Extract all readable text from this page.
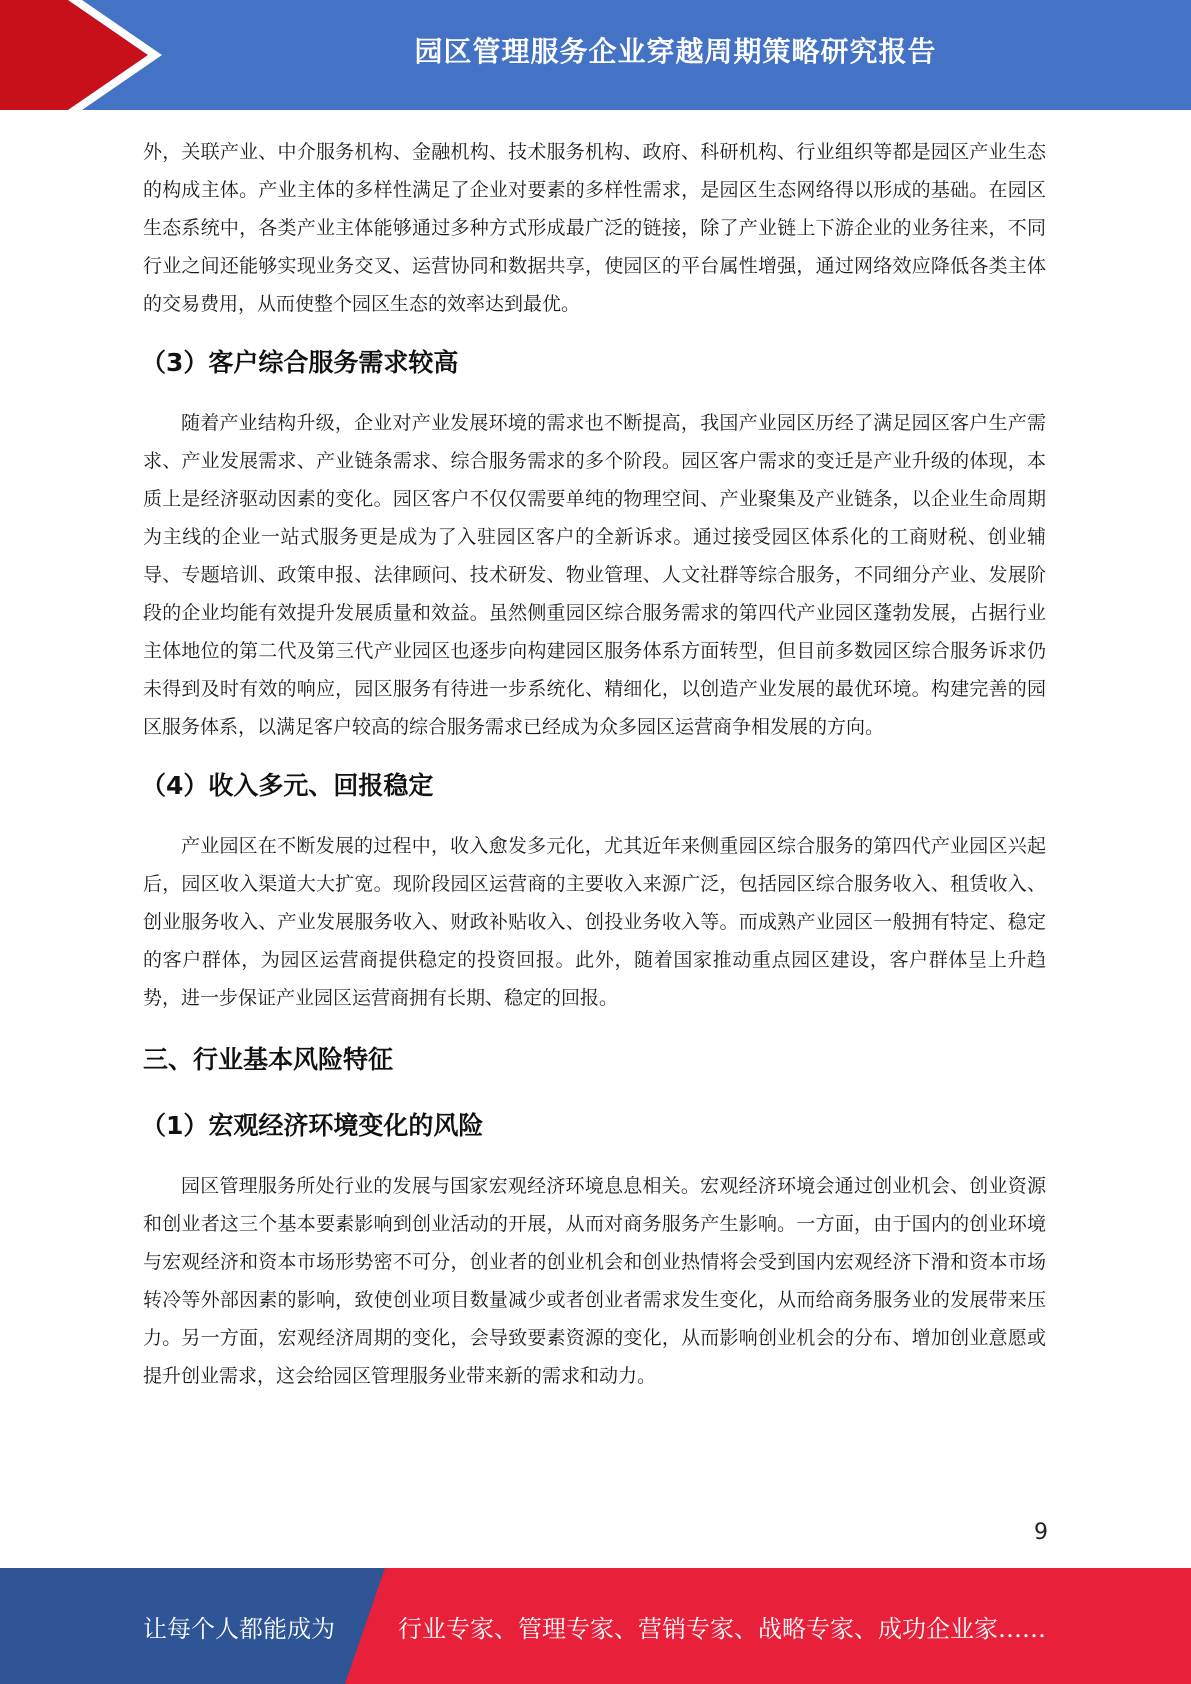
园区管理服务企业穿越周期策略研究报告

外，关联产业、中介服务机构、金融机构、技术服务机构、政府、科研机构、行业组织等都是园区产业生态的构成主体。产业主体的多样性满足了企业对要素的多样性需求，是园区生态网络得以形成的基础。在园区生态系统中，各类产业主体能够通过多种方式形成最广泛的链接，除了产业链上下游企业的业务往来，不同行业之间还能够实现业务交叉、运营协同和数据共享，使园区的平台属性增强，通过网络效应降低各类主体的交易费用，从而使整个园区生态的效率达到最优。

（3）客户综合服务需求较高

随着产业结构升级，企业对产业发展环境的需求也不断提高，我国产业园区历经了满足园区客户生产需求、产业发展需求、产业链条需求、综合服务需求的多个阶段。园区客户需求的变迁是产业升级的体现，本质上是经济驱动因素的变化。园区客户不仅仅需要单纯的物理空间、产业聚集及产业链条，以企业生命周期为主线的企业一站式服务更是成为了入驻园区客户的全新诉求。通过接受园区体系化的工商财税、创业辅导、专题培训、政策申报、法律顾问、技术研发、物业管理、人文社群等综合服务，不同细分产业、发展阶段的企业均能有效提升发展质量和效益。虽然侧重园区综合服务需求的第四代产业园区蓬勃发展，占据行业主体地位的第二代及第三代产业园区也逐步向构建园区服务体系方面转型，但目前多数园区综合服务诉求仍未得到及时有效的响应，园区服务有待进一步系统化、精细化，以创造产业发展的最优环境。构建完善的园区服务体系，以满足客户较高的综合服务需求已经成为众多园区运营商争相发展的方向。

（4）收入多元、回报稳定

产业园区在不断发展的过程中，收入愈发多元化，尤其近年来侧重园区综合服务的第四代产业园区兴起后，园区收入渠道大大扩宽。现阶段园区运营商的主要收入来源广泛，包括园区综合服务收入、租赁收入、创业服务收入、产业发展服务收入、财政补贴收入、创投业务收入等。而成熟产业园区一般拥有特定、稳定的客户群体，为园区运营商提供稳定的投资回报。此外，随着国家推动重点园区建设，客户群体呈上升趋势，进一步保证产业园区运营商拥有长期、稳定的回报。

三、行业基本风险特征
（1）宏观经济环境变化的风险

园区管理服务所处行业的发展与国家宏观经济环境息息相关。宏观经济环境会通过创业机会、创业资源和创业者这三个基本要素影响到创业活动的开展，从而对商务服务产生影响。一方面，由于国内的创业环境与宏观经济和资本市场形势密不可分，创业者的创业机会和创业热情将会受到国内宏观经济下滑和资本市场转冷等外部因素的影响，致使创业项目数量减少或者创业者需求发生变化，从而给商务服务业的发展带来压力。另一方面，宏观经济周期的变化，会导致要素资源的变化，从而影响创业机会的分布、增加创业意愿或提升创业需求，这会给园区管理服务业带来新的需求和动力。

9
让每个人都能成为	行业专家、管理专家、营销专家、战略专家、成功企业家……
